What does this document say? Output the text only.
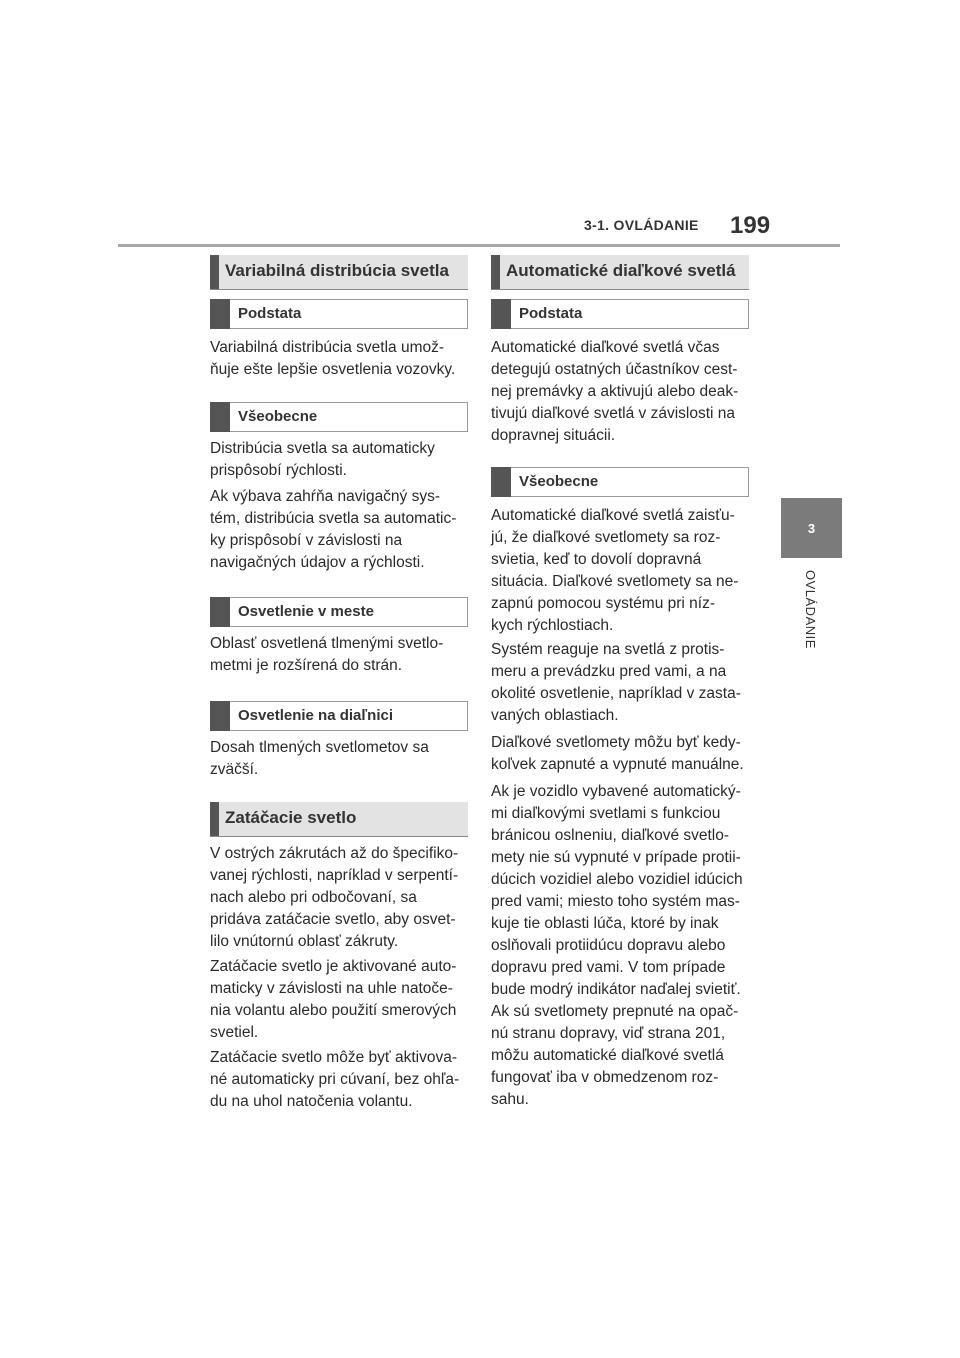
3-1. OVLÁDANIE 199
3
OVLÁDANIE
Variabilná distribúcia svetla
Podstata

Variabilná distribúcia svetla umož-
ňuje ešte lepšie osvetlenia vozovky.

Všeobecne

Distribúcia svetla sa automaticky
prispôsobí rýchlosti.

Ak výbava zahŕňa navigačný sys-
tém, distribúcia svetla sa automatic-
ky prispôsobí v závislosti na
navigačných údajov a rýchlosti.

Osvetlenie v meste

Oblasť osvetlená tlmenými svetlo-
metmi je rozšírená do strán.

Osvetlenie na diaľnici

Dosah tlmených svetlometov sa
zväčší.

Zatáčacie svetlo

V ostrých zákrutách až do špecifiko-
vanej rýchlosti, napríklad v serpentí-
nach alebo pri odbočovaní, sa
pridáva zatáčacie svetlo, aby osvet-
lilo vnútornú oblasť zákruty.

Zatáčacie svetlo je aktivované auto-
maticky v závislosti na uhle natoče-
nia volantu alebo použití smerových
svetiel.

Zatáčacie svetlo môže byť aktivova-
né automaticky pri cúvaní, bez ohľa-
du na uhol natočenia volantu.

Automatické diaľkové svetlá
Podstata

Automatické diaľkové svetlá včas
detegujú ostatných účastníkov cest-
nej premávky a aktivujú alebo deak-
tivujú diaľkové svetlá v závislosti na
dopravnej situácii.

Všeobecne

Automatické diaľkové svetlá zaisťu-
jú, že diaľkové svetlomety sa roz-
svietia, keď to dovolí dopravná
situácia. Diaľkové svetlomety sa ne-
zapnú pomocou systému pri níz-
kych rýchlostiach.

Systém reaguje na svetlá z protis-
meru a prevádzku pred vami, a na
okolité osvetlenie, napríklad v zasta-
vaných oblastiach.

Diaľkové svetlomety môžu byť kedy-
koľvek zapnuté a vypnuté manuálne.

Ak je vozidlo vybavené automatický-
mi diaľkovými svetlami s funkciou
bránicou oslneniu, diaľkové svetlo-
mety nie sú vypnuté v prípade protii-
dúcich vozidiel alebo vozidiel idúcich
pred vami; miesto toho systém mas-
kuje tie oblasti lúča, ktoré by inak
oslňovali protiidúcu dopravu alebo
dopravu pred vami. V tom prípade
bude modrý indikátor naďalej svietiť.

Ak sú svetlomety prepnuté na opač-
nú stranu dopravy, viď strana 201,
môžu automatické diaľkové svetlá
fungovať iba v obmedzenom roz-
sahu.
